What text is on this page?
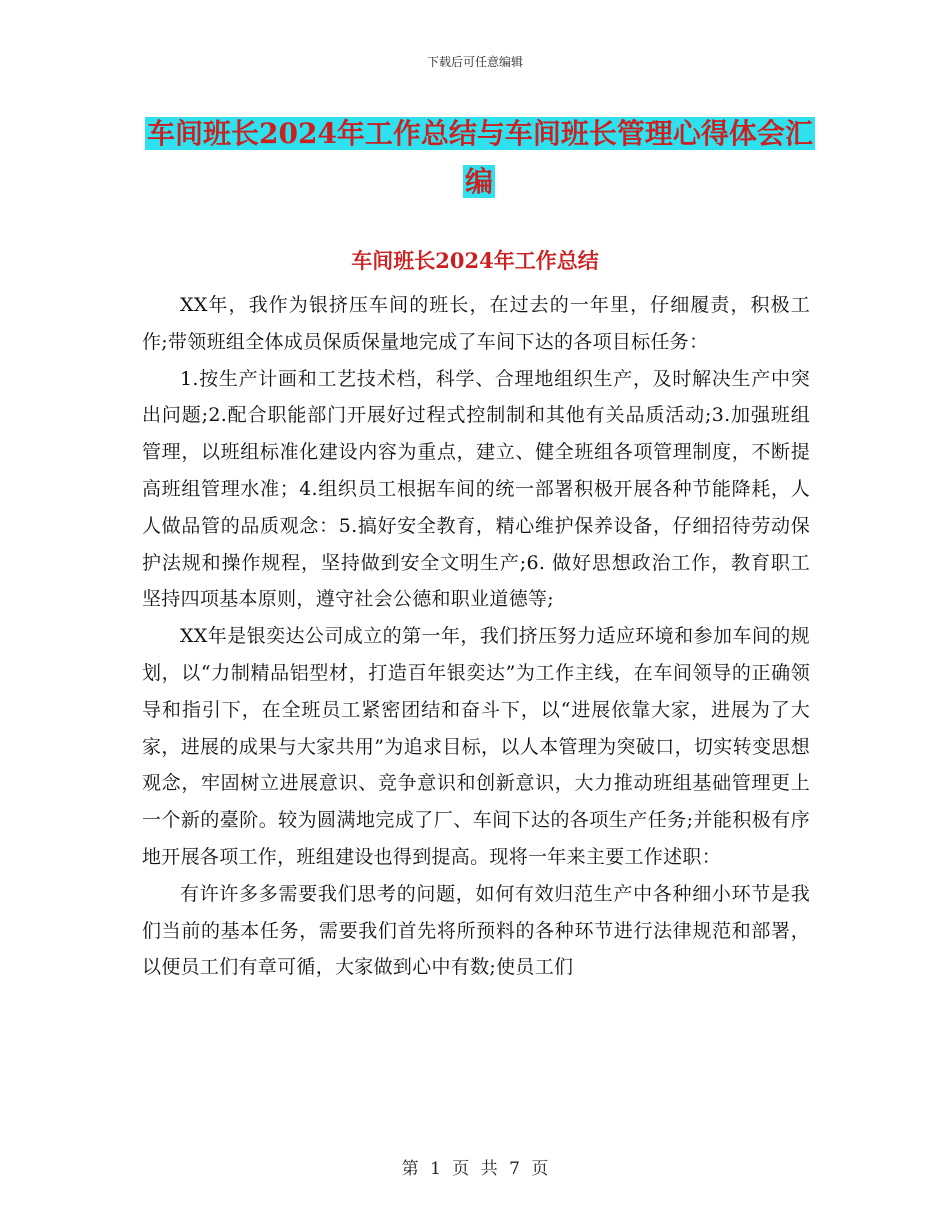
下载后可任意编辑
车间班长2024年工作总结与车间班长管理心得体会汇编
车间班长2024年工作总结

XX年，我作为银挤压车间的班长，在过去的一年里，仔细履责，积极工作;带领班组全体成员保质保量地完成了车间下达的各项目标任务：

1.按生产计画和工艺技术档，科学、合理地组织生产，及时解决生产中突出问题;2.配合职能部门开展好过程式控制制和其他有关品质活动;3.加强班组管理，以班组标准化建设内容为重点，建立、健全班组各项管理制度，不断提高班组管理水准；4.组织员工根据车间的统一部署积极开展各种节能降耗，人人做品管的品质观念：5.搞好安全教育，精心维护保养设备，仔细招待劳动保护法规和操作规程，坚持做到安全文明生产;6. 做好思想政治工作，教育职工坚持四项基本原则，遵守社会公德和职业道德等;

XX年是银奕达公司成立的第一年，我们挤压努力适应环境和参加车间的规划，以“力制精品铝型材，打造百年银奕达”为工作主线，在车间领导的正确领导和指引下，在全班员工紧密团结和奋斗下，以“进展依靠大家，进展为了大家，进展的成果与大家共用”为追求目标，以人本管理为突破口，切实转变思想观念，牢固树立进展意识、竞争意识和创新意识，大力推动班组基础管理更上一个新的臺阶。较为圆满地完成了厂、车间下达的各项生产任务;并能积极有序地开展各项工作，班组建设也得到提高。现将一年来主要工作述职：

有许许多多需要我们思考的问题，如何有效归范生产中各种细小环节是我们当前的基本任务，需要我们首先将所预料的各种环节进行法律规范和部署，以便员工们有章可循，大家做到心中有数;使员工们

第 1 页 共 7 页
